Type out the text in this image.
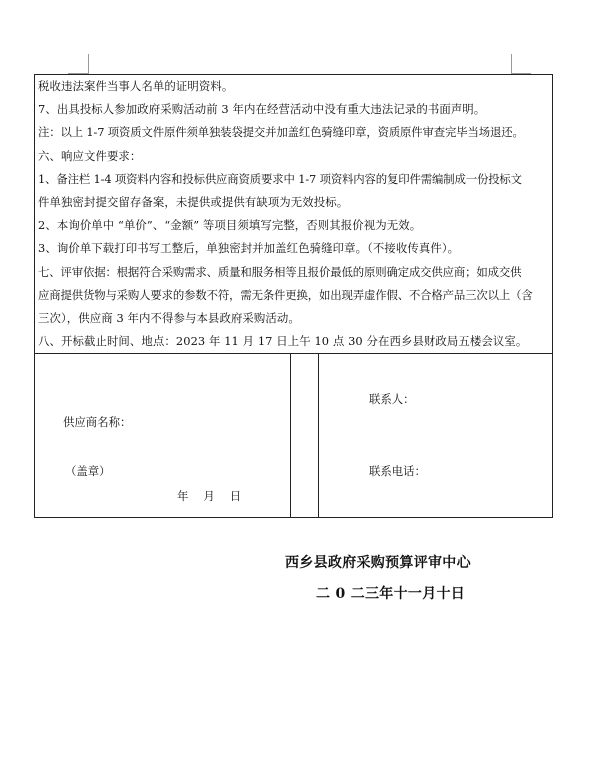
税收违法案件当事人名单的证明资料。
7、出具投标人参加政府采购活动前 3 年内在经营活动中没有重大违法记录的书面声明。
注：以上 1-7 项资质文件原件须单独装袋提交并加盖红色骑缝印章，资质原件审查完毕当场退还。
六、响应文件要求：
1、备注栏 1-4 项资料内容和投标供应商资质要求中 1-7 项资料内容的复印件需编制成一份投标文
件单独密封提交留存备案，未提供或提供有缺项为无效投标。
2、本询价单中 “单价”、“金额” 等项目须填写完整，否则其报价视为无效。
3、询价单下载打印书写工整后，单独密封并加盖红色骑缝印章。（不接收传真件）。
七、评审依据：根据符合采购需求、质量和服务相等且报价最低的原则确定成交供应商；如成交供
应商提供货物与采购人要求的参数不符，需无条件更换，如出现弄虚作假、不合格产品三次以上（含
三次），供应商 3 年内不得参与本县政府采购活动。
八、开标截止时间、地点：2023 年 11 月 17 日上午 10 点 30 分在西乡县财政局五楼会议室。
供应商名称：
（盖章）
年　 月　 日
联系人：
联系电话：
西乡县政府采购预算评审中心
二 0 二三年十一月十日
